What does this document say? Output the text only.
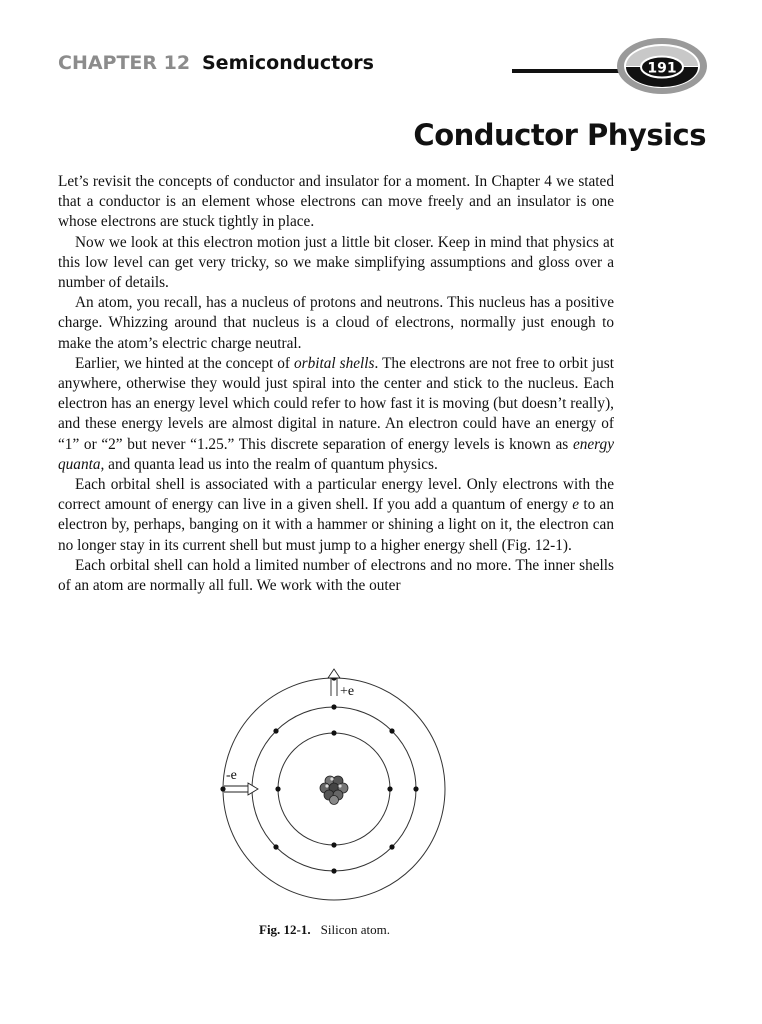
CHAPTER 12 Semiconductors	191
Conductor Physics

Let’s revisit the concepts of conductor and insulator for a moment. In Chapter 4 we stated that a conductor is an element whose electrons can move freely and an insulator is one whose electrons are stuck tightly in place.

Now we look at this electron motion just a little bit closer. Keep in mind that physics at this low level can get very tricky, so we make simplifying assumptions and gloss over a number of details.

An atom, you recall, has a nucleus of protons and neutrons. This nucleus has a positive charge. Whizzing around that nucleus is a cloud of electrons, normally just enough to make the atom’s electric charge neutral.

Earlier, we hinted at the concept of orbital shells. The electrons are not free to orbit just anywhere, otherwise they would just spiral into the center and stick to the nucleus. Each electron has an energy level which could refer to how fast it is moving (but doesn’t really), and these energy levels are almost digital in nature. An electron could have an energy of “1” or “2” but never “1.25.” This discrete separation of energy levels is known as energy quanta, and quanta lead us into the realm of quantum physics.

Each orbital shell is associated with a particular energy level. Only electrons with the correct amount of energy can live in a given shell. If you add a quantum of energy e to an electron by, perhaps, banging on it with a hammer or shining a light on it, the electron can no longer stay in its current shell but must jump to a higher energy shell (Fig. 12-1).

Each orbital shell can hold a limited number of electrons and no more. The inner shells of an atom are normally all full. We work with the outer

+e
-e
Fig. 12-1. Silicon atom.
